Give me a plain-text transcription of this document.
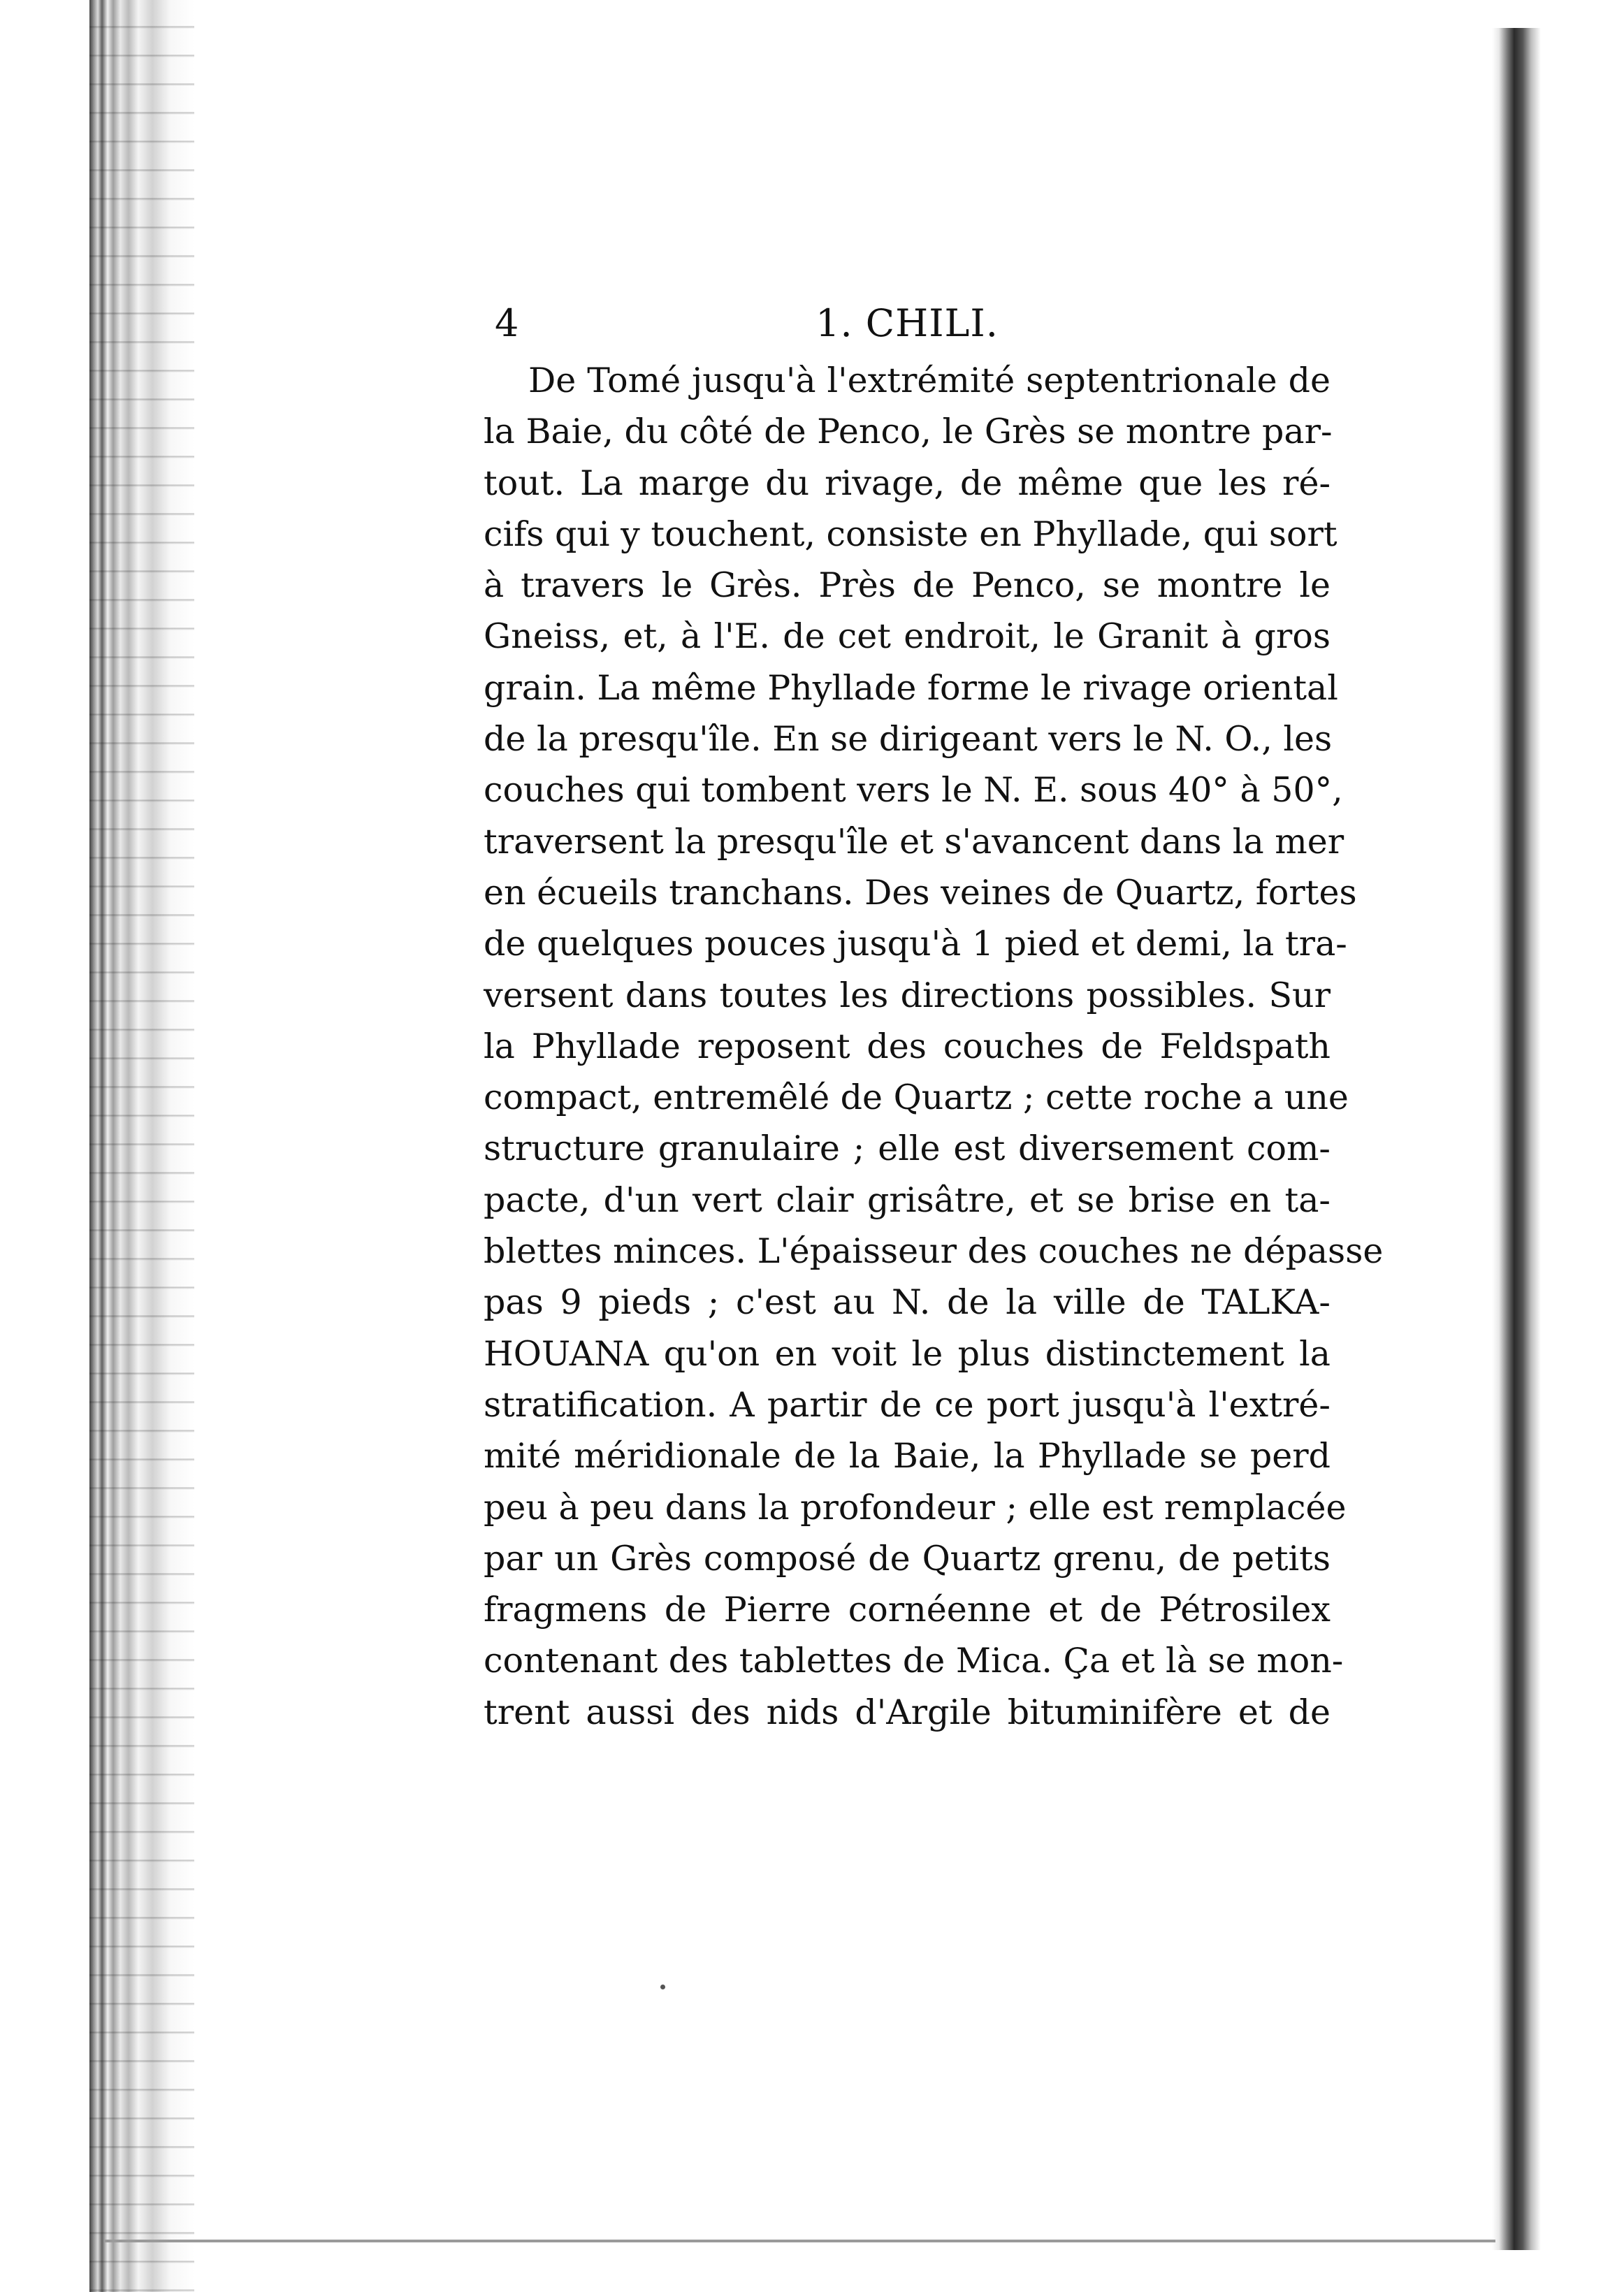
4	1. CHILI.

De Tomé jusqu'à l'extrémité septentrionale de
la Baie, du côté de Penco, le Grès se montre par-
tout. La marge du rivage, de même que les ré-
cifs qui y touchent, consiste en Phyllade, qui sort
à travers le Grès. Près de Penco, se montre le
Gneiss, et, à l'E. de cet endroit, le Granit à gros
grain. La même Phyllade forme le rivage oriental
de la presqu'île. En se dirigeant vers le N. O., les
couches qui tombent vers le N. E. sous 40° à 50°,
traversent la presqu'île et s'avancent dans la mer
en écueils tranchans. Des veines de Quartz, fortes
de quelques pouces jusqu'à 1 pied et demi, la tra-
versent dans toutes les directions possibles. Sur
la Phyllade reposent des couches de Feldspath
compact, entremêlé de Quartz ; cette roche a une
structure granulaire ; elle est diversement com-
pacte, d'un vert clair grisâtre, et se brise en ta-
blettes minces. L'épaisseur des couches ne dépasse
pas 9 pieds ; c'est au N. de la ville de TALKA-
HOUANA qu'on en voit le plus distinctement la
stratification. A partir de ce port jusqu'à l'extré-
mité méridionale de la Baie, la Phyllade se perd
peu à peu dans la profondeur ; elle est remplacée
par un Grès composé de Quartz grenu, de petits
fragmens de Pierre cornéenne et de Pétrosilex
contenant des tablettes de Mica. Ça et là se mon-
trent aussi des nids d'Argile bituminifère et de
